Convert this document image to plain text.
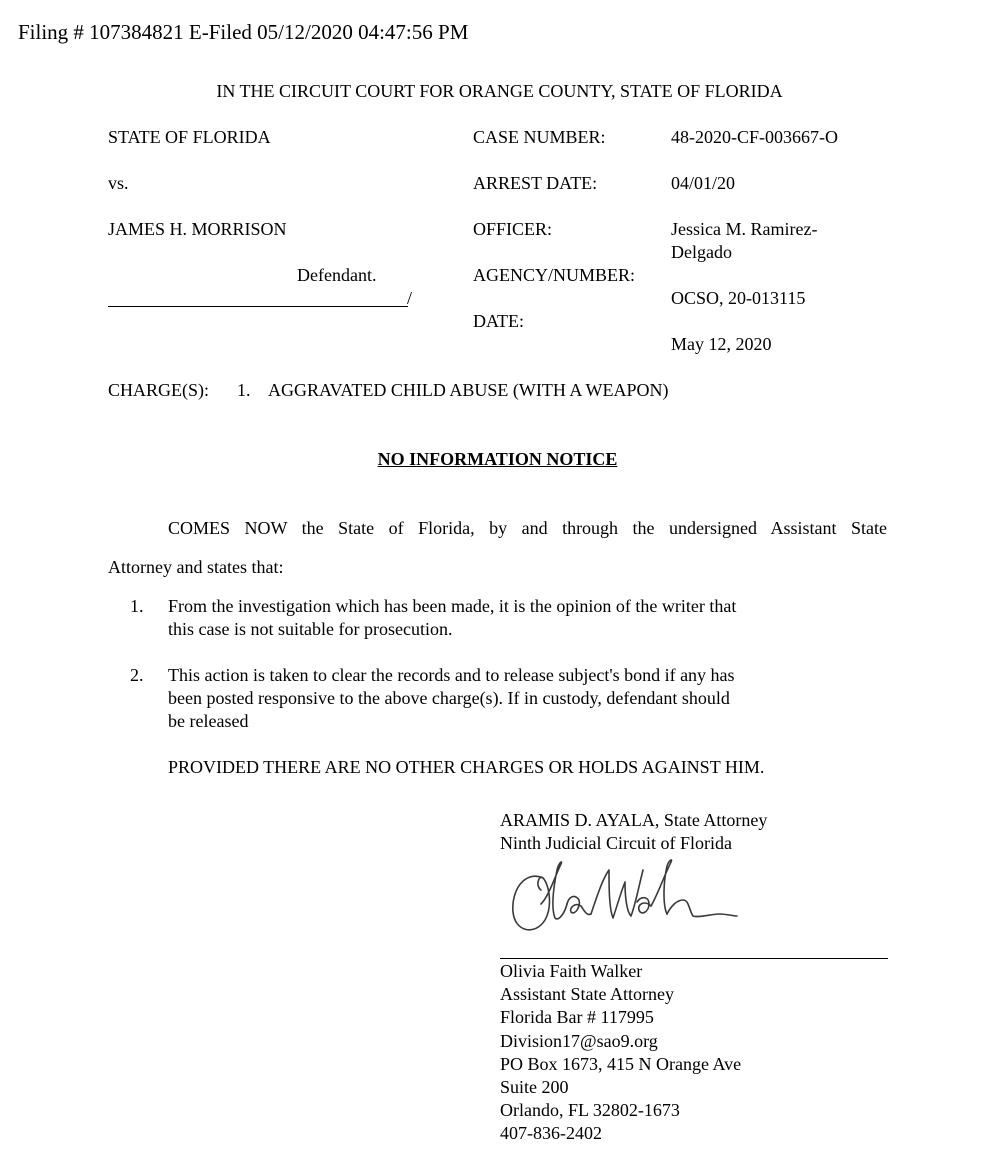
Filing # 107384821 E-Filed 05/12/2020 04:47:56 PM
IN THE CIRCUIT COURT FOR ORANGE COUNTY, STATE OF FLORIDA
STATE OF FLORIDA
vs.
JAMES H. MORRISON
Defendant.
/
CASE NUMBER:
ARREST DATE:
OFFICER:
AGENCY/NUMBER:
DATE:
48-2020-CF-003667-O
04/01/20
Jessica M. Ramirez-
Delgado
OCSO, 20-013115
May 12, 2020
CHARGE(S): 1. AGGRAVATED CHILD ABUSE (WITH A WEAPON)
NO INFORMATION NOTICE
COMES NOW the State of Florida, by and through the undersigned Assistant State
Attorney and states that:
1. From the investigation which has been made, it is the opinion of the writer that
this case is not suitable for prosecution.
2. This action is taken to clear the records and to release subject's bond if any has
been posted responsive to the above charge(s). If in custody, defendant should
be released
PROVIDED THERE ARE NO OTHER CHARGES OR HOLDS AGAINST HIM.
ARAMIS D. AYALA, State Attorney
Ninth Judicial Circuit of Florida
Olivia Faith Walker
Assistant State Attorney
Florida Bar # 117995
Division17@sao9.org
PO Box 1673, 415 N Orange Ave
Suite 200
Orlando, FL 32802-1673
407-836-2402
